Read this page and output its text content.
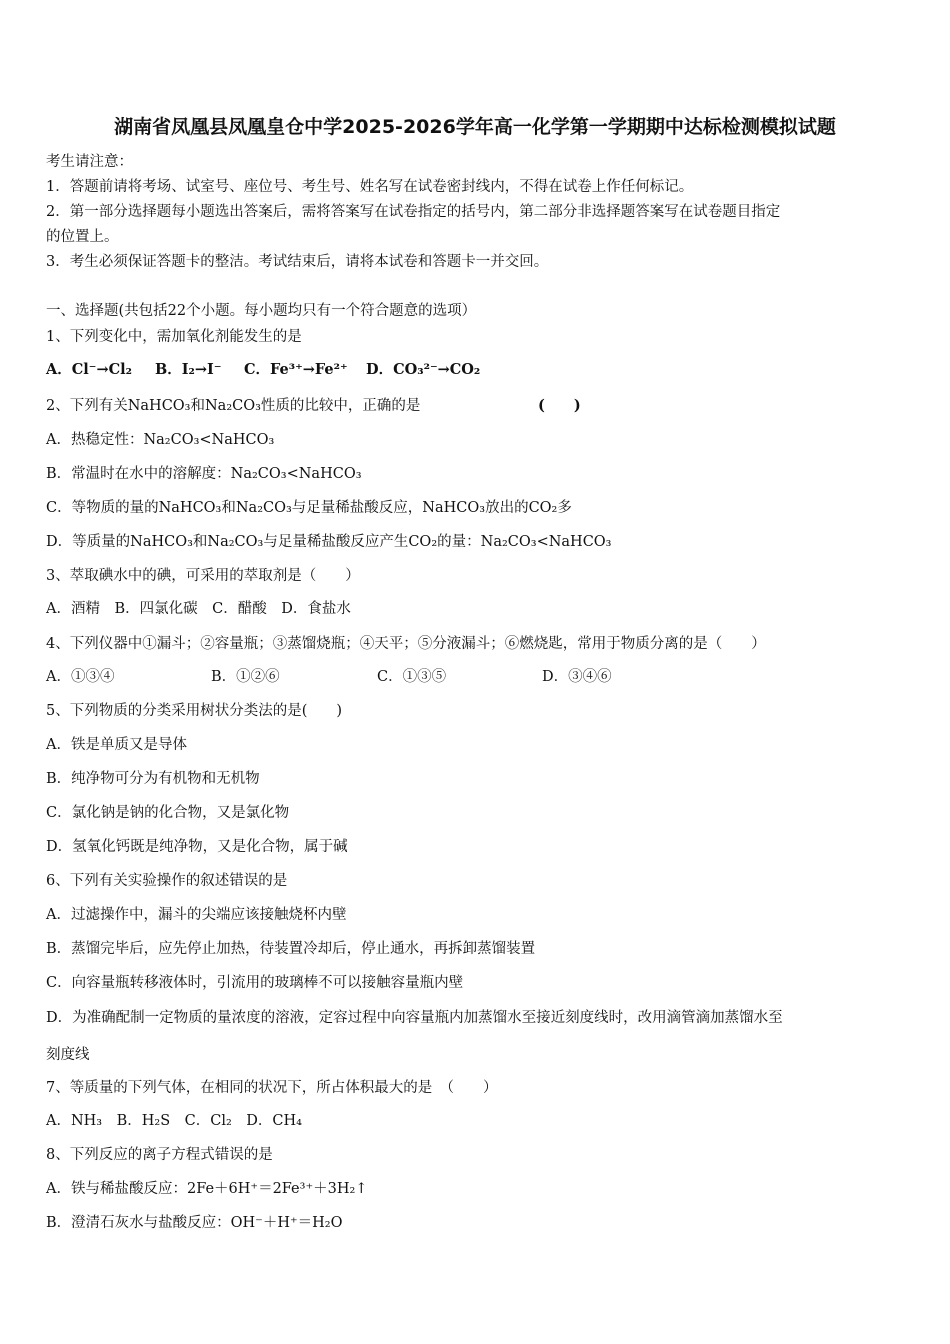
湖南省凤凰县凤凰皇仓中学2025-2026学年高一化学第一学期期中达标检测模拟试题
考生请注意：
1．答题前请将考场、试室号、座位号、考生号、姓名写在试卷密封线内，不得在试卷上作任何标记。
2．第一部分选择题每小题选出答案后，需将答案写在试卷指定的括号内，第二部分非选择题答案写在试卷题目指定
的位置上。
3．考生必须保证答题卡的整洁。考试结束后，请将本试卷和答题卡一并交回。
一、选择题(共包括22个小题。每小题均只有一个符合题意的选项）
1、下列变化中，需加氧化剂能发生的是
A．Cl⁻→Cl₂ B．I₂→I⁻ C．Fe³⁺→Fe²⁺ D．CO₃²⁻→CO₂
2、下列有关NaHCO₃和Na₂CO₃性质的比较中，正确的是	(　　)
A．热稳定性：Na₂CO₃<NaHCO₃
B．常温时在水中的溶解度：Na₂CO₃<NaHCO₃
C．等物质的量的NaHCO₃和Na₂CO₃与足量稀盐酸反应，NaHCO₃放出的CO₂多
D．等质量的NaHCO₃和Na₂CO₃与足量稀盐酸反应产生CO₂的量：Na₂CO₃<NaHCO₃
3、萃取碘水中的碘，可采用的萃取剂是（　　）
A．酒精　B．四氯化碳　C．醋酸　D．食盐水
4、下列仪器中①漏斗；②容量瓶；③蒸馏烧瓶；④天平；⑤分液漏斗；⑥燃烧匙，常用于物质分离的是（　　）
A．①③④	B．①②⑥	C．①③⑤	D．③④⑥
5、下列物质的分类采用树状分类法的是(　　)
A．铁是单质又是导体
B．纯净物可分为有机物和无机物
C．氯化钠是钠的化合物，又是氯化物
D．氢氧化钙既是纯净物，又是化合物，属于碱
6、下列有关实验操作的叙述错误的是
A．过滤操作中，漏斗的尖端应该接触烧杯内壁
B．蒸馏完毕后，应先停止加热，待装置冷却后，停止通水，再拆卸蒸馏装置
C．向容量瓶转移液体时，引流用的玻璃棒不可以接触容量瓶内壁
D．为准确配制一定物质的量浓度的溶液，定容过程中向容量瓶内加蒸馏水至接近刻度线时，改用滴管滴加蒸馏水至
刻度线
7、等质量的下列气体，在相同的状况下，所占体积最大的是　（　　）
A．NH₃　B．H₂S　C．Cl₂　D．CH₄
8、下列反应的离子方程式错误的是
A．铁与稀盐酸反应：2Fe＋6H⁺＝2Fe³⁺＋3H₂↑
B．澄清石灰水与盐酸反应：OH⁻＋H⁺＝H₂O
